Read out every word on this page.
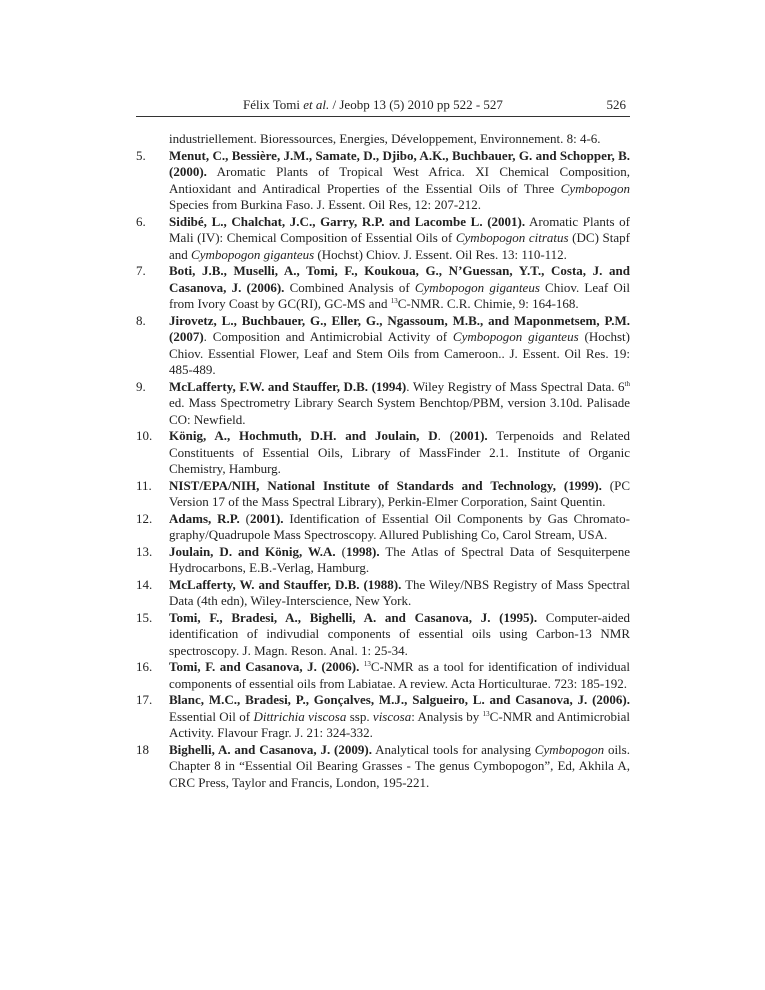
Félix Tomi et al. / Jeobp 13 (5) 2010 pp 522 - 527	526
industriellement. Bioressources, Energies, Développement, Environnement. 8: 4-6.
5.	Menut, C., Bessière, J.M., Samate, D., Djibo, A.K., Buchbauer, G. and Schopper, B. (2000). Aromatic Plants of Tropical West Africa. XI Chemical Composition, Antioxidant and Antiradical Properties of the Essential Oils of Three Cymbopogon Species from Burkina Faso. J. Essent. Oil Res, 12: 207-212.
6.	Sidibé, L., Chalchat, J.C., Garry, R.P. and Lacombe L. (2001). Aromatic Plants of Mali (IV): Chemical Composition of Essential Oils of Cymbopogon citratus (DC) Stapf and Cymbopogon giganteus (Hochst) Chiov. J. Essent. Oil Res. 13: 110-112.
7.	Boti, J.B., Muselli, A., Tomi, F., Koukoua, G., N’Guessan, Y.T., Costa, J. and Casanova, J. (2006). Combined Analysis of Cymbopogon giganteus Chiov. Leaf Oil from Ivory Coast by GC(RI), GC-MS and $^{13}$C-NMR. C.R. Chimie, 9: 164-168.
8.	Jirovetz, L., Buchbauer, G., Eller, G., Ngassoum, M.B., and Maponmetsem, P.M. (2007). Composition and Antimicrobial Activity of Cymbopogon giganteus (Hochst) Chiov. Essential Flower, Leaf and Stem Oils from Cameroon.. J. Essent. Oil Res. 19: 485-489.
9.	McLafferty, F.W. and Stauffer, D.B. (1994). Wiley Registry of Mass Spectral Data. 6th ed. Mass Spectrometry Library Search System Benchtop/PBM, version 3.10d. Palisade CO: Newfield.
10.	König, A., Hochmuth, D.H. and Joulain, D. (2001). Terpenoids and Related Constituents of Essential Oils, Library of MassFinder 2.1. Institute of Organic Chemistry, Hamburg.
11.	NIST/EPA/NIH, National Institute of Standards and Technology, (1999). (PC Version 17 of the Mass Spectral Library), Perkin-Elmer Corporation, Saint Quentin.
12.	Adams, R.P. (2001). Identification of Essential Oil Components by Gas Chromato-graphy/Quadrupole Mass Spectroscopy. Allured Publishing Co, Carol Stream, USA.
13.	Joulain, D. and König, W.A. (1998). The Atlas of Spectral Data of Sesquiterpene Hydrocarbons, E.B.-Verlag, Hamburg.
14.	McLafferty, W. and Stauffer, D.B. (1988). The Wiley/NBS Registry of Mass Spectral Data (4th edn), Wiley-Interscience, New York.
15.	Tomi, F., Bradesi, A., Bighelli, A. and Casanova, J. (1995). Computer-aided identification of indivudial components of essential oils using Carbon-13 NMR spectroscopy. J. Magn. Reson. Anal. 1: 25-34.
16.	Tomi, F. and Casanova, J. (2006). $^{13}$C-NMR as a tool for identification of individual components of essential oils from Labiatae. A review. Acta Horticulturae. 723: 185-192.
17.	Blanc, M.C., Bradesi, P., Gonçalves, M.J., Salgueiro, L. and Casanova, J. (2006). Essential Oil of Dittrichia viscosa ssp. viscosa: Analysis by $^{13}$C-NMR and Antimicrobial Activity. Flavour Fragr. J. 21: 324-332.
18	Bighelli, A. and Casanova, J. (2009). Analytical tools for analysing Cymbopogon oils. Chapter 8 in “Essential Oil Bearing Grasses - The genus Cymbopogon”, Ed, Akhila A, CRC Press, Taylor and Francis, London, 195-221.
